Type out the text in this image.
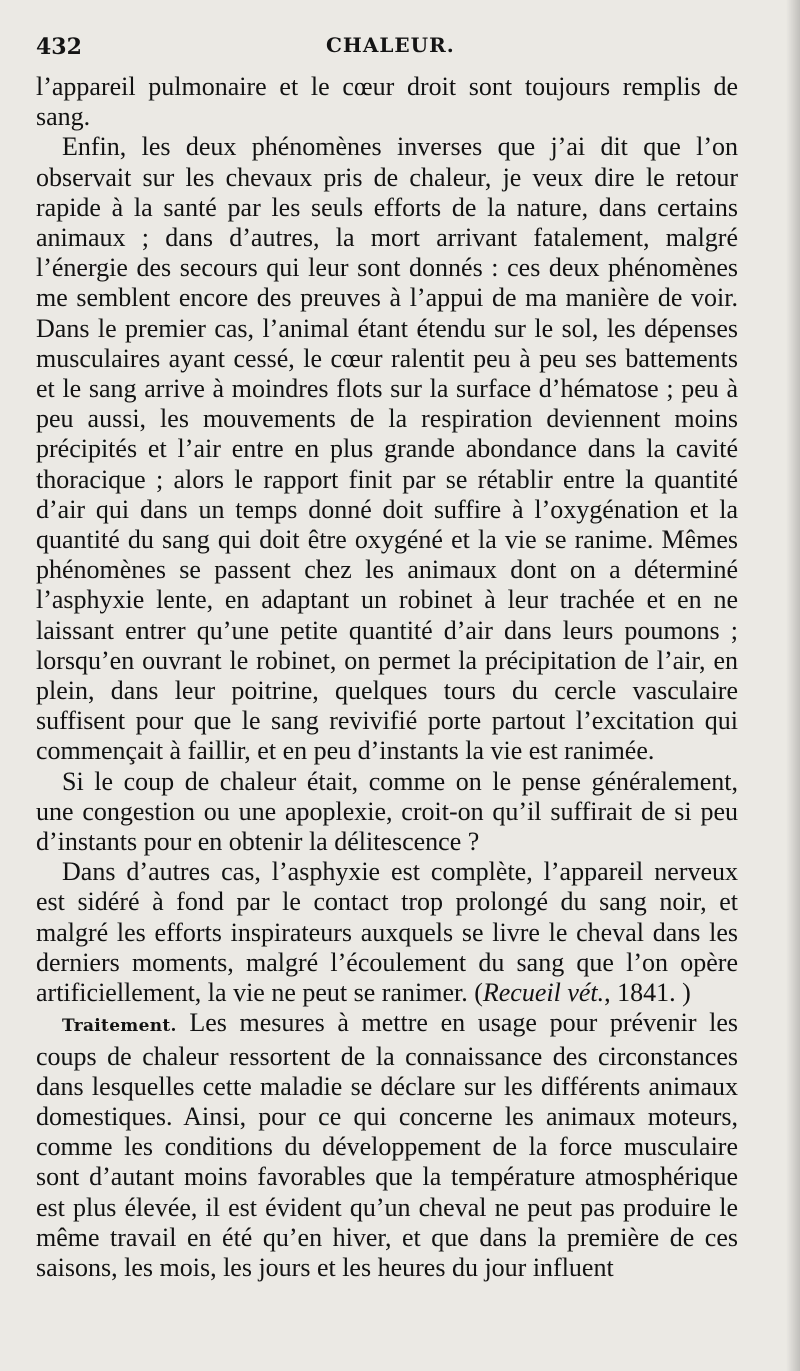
432	CHALEUR.

l’appareil pulmonaire et le cœur droit sont toujours remplis de sang.

Enfin, les deux phénomènes inverses que j’ai dit que l’on observait sur les chevaux pris de chaleur, je veux dire le retour rapide à la santé par les seuls efforts de la nature, dans certains animaux ; dans d’autres, la mort arrivant fatalement, malgré l’énergie des secours qui leur sont donnés : ces deux phénomènes me semblent encore des preuves à l’appui de ma manière de voir. Dans le premier cas, l’animal étant étendu sur le sol, les dépenses musculaires ayant cessé, le cœur ralentit peu à peu ses battements et le sang arrive à moindres flots sur la surface d’hématose ; peu à peu aussi, les mouvements de la respiration deviennent moins précipités et l’air entre en plus grande abondance dans la cavité thoracique ; alors le rapport finit par se rétablir entre la quantité d’air qui dans un temps donné doit suffire à l’oxygénation et la quantité du sang qui doit être oxygéné et la vie se ranime. Mêmes phénomènes se passent chez les animaux dont on a déterminé l’asphyxie lente, en adaptant un robinet à leur trachée et en ne laissant entrer qu’une petite quantité d’air dans leurs poumons ; lorsqu’en ouvrant le robinet, on permet la précipitation de l’air, en plein, dans leur poitrine, quelques tours du cercle vasculaire suffisent pour que le sang revivifié porte partout l’excitation qui commençait à faillir, et en peu d’instants la vie est ranimée.

Si le coup de chaleur était, comme on le pense généralement, une congestion ou une apoplexie, croit-on qu’il suffirait de si peu d’instants pour en obtenir la délitescence ?

Dans d’autres cas, l’asphyxie est complète, l’appareil nerveux est sidéré à fond par le contact trop prolongé du sang noir, et malgré les efforts inspirateurs auxquels se livre le cheval dans les derniers moments, malgré l’écoulement du sang que l’on opère artificiellement, la vie ne peut se ranimer. (Recueil vét., 1841. )

Traitement. Les mesures à mettre en usage pour prévenir les coups de chaleur ressortent de la connaissance des circonstances dans lesquelles cette maladie se déclare sur les différents animaux domestiques. Ainsi, pour ce qui concerne les animaux moteurs, comme les conditions du développement de la force musculaire sont d’autant moins favorables que la température atmosphérique est plus élevée, il est évident qu’un cheval ne peut pas produire le même travail en été qu’en hiver, et que dans la première de ces saisons, les mois, les jours et les heures du jour influent
